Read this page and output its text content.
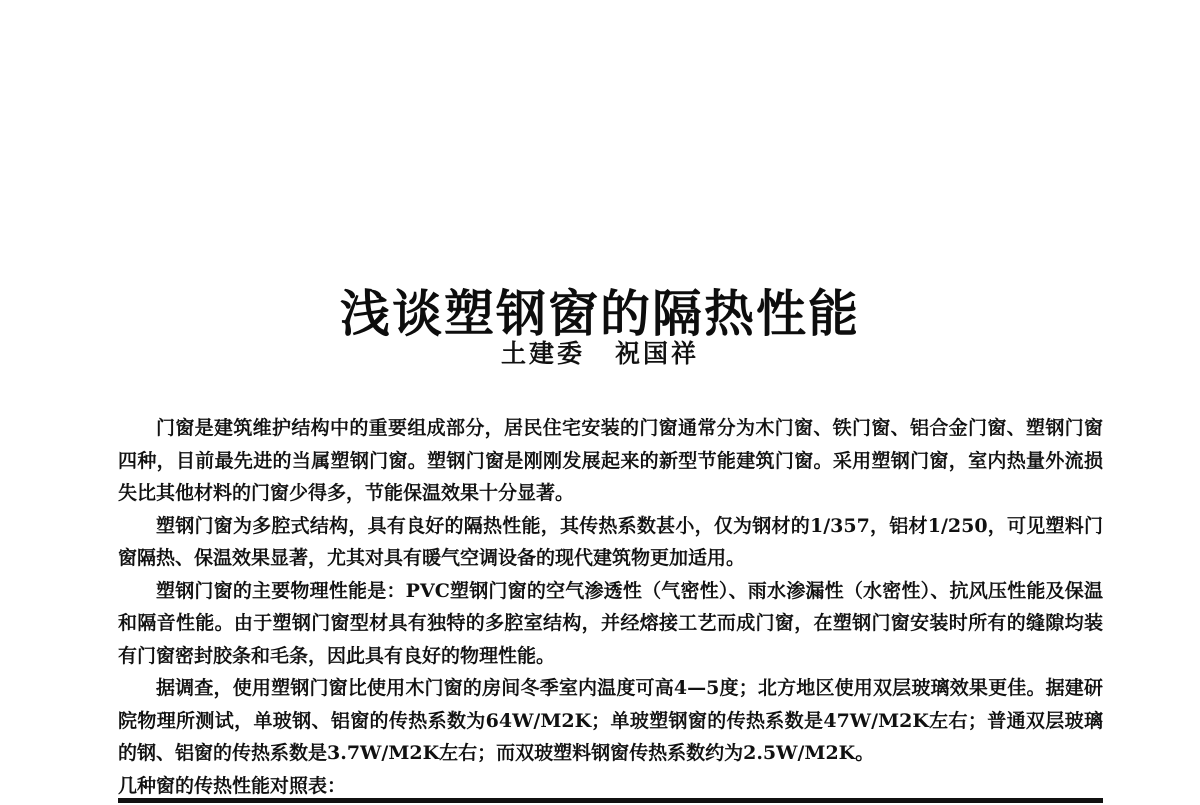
浅谈塑钢窗的隔热性能
土建委 祝国祥

门窗是建筑维护结构中的重要组成部分，居民住宅安装的门窗通常分为木门窗、铁门窗、铝合金门窗、塑钢门窗四种，目前最先进的当属塑钢门窗。塑钢门窗是刚刚发展起来的新型节能建筑门窗。采用塑钢门窗，室内热量外流损失比其他材料的门窗少得多，节能保温效果十分显著。

塑钢门窗为多腔式结构，具有良好的隔热性能，其传热系数甚小，仅为钢材的1/357，铝材1/250，可见塑料门窗隔热、保温效果显著，尤其对具有暖气空调设备的现代建筑物更加适用。

塑钢门窗的主要物理性能是：PVC塑钢门窗的空气渗透性（气密性）、雨水渗漏性（水密性）、抗风压性能及保温和隔音性能。由于塑钢门窗型材具有独特的多腔室结构，并经熔接工艺而成门窗，在塑钢门窗安装时所有的缝隙均装有门窗密封胶条和毛条，因此具有良好的物理性能。

据调查，使用塑钢门窗比使用木门窗的房间冬季室内温度可高4—5度；北方地区使用双层玻璃效果更佳。据建研院物理所测试，单玻钢、铝窗的传热系数为64W/M2K；单玻塑钢窗的传热系数是47W/M2K左右；普通双层玻璃的钢、铝窗的传热系数是3.7W/M2K左右；而双玻塑料钢窗传热系数约为2.5W/M2K。

几种窗的传热性能对照表：
